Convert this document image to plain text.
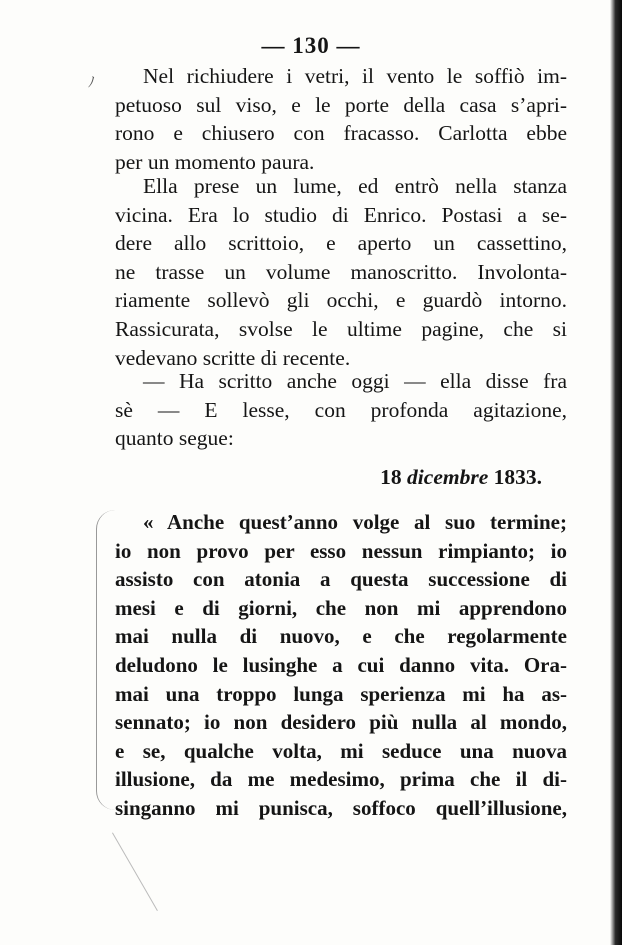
— 130 —
ﾉ	Nel richiudere i vetri, il vento le soffiò im-
petuoso sul viso, e le porte della casa s’apri-
rono e chiusero con fracasso. Carlotta ebbe
per un momento paura.
Ella prese un lume, ed entrò nella stanza
vicina. Era lo studio di Enrico. Postasi a se-
dere allo scrittoio, e aperto un cassettino,
ne trasse un volume manoscritto. Involonta-
riamente sollevò gli occhi, e guardò intorno.
Rassicurata, svolse le ultime pagine, che si
vedevano scritte di recente.
— Ha scritto anche oggi — ella disse fra
sè — E lesse, con profonda agitazione,
quanto segue:
18 dicembre 1833.
« Anche quest’anno volge al suo termine;
io non provo per esso nessun rimpianto; io
assisto con atonia a questa successione di
mesi e di giorni, che non mi apprendono
mai nulla di nuovo, e che regolarmente
deludono le lusinghe a cui danno vita. Ora-
mai una troppo lunga sperienza mi ha as-
sennato; io non desidero più nulla al mondo,
e se, qualche volta, mi seduce una nuova
illusione, da me medesimo, prima che il di-
singanno mi punisca, soffoco quell’illusione,
